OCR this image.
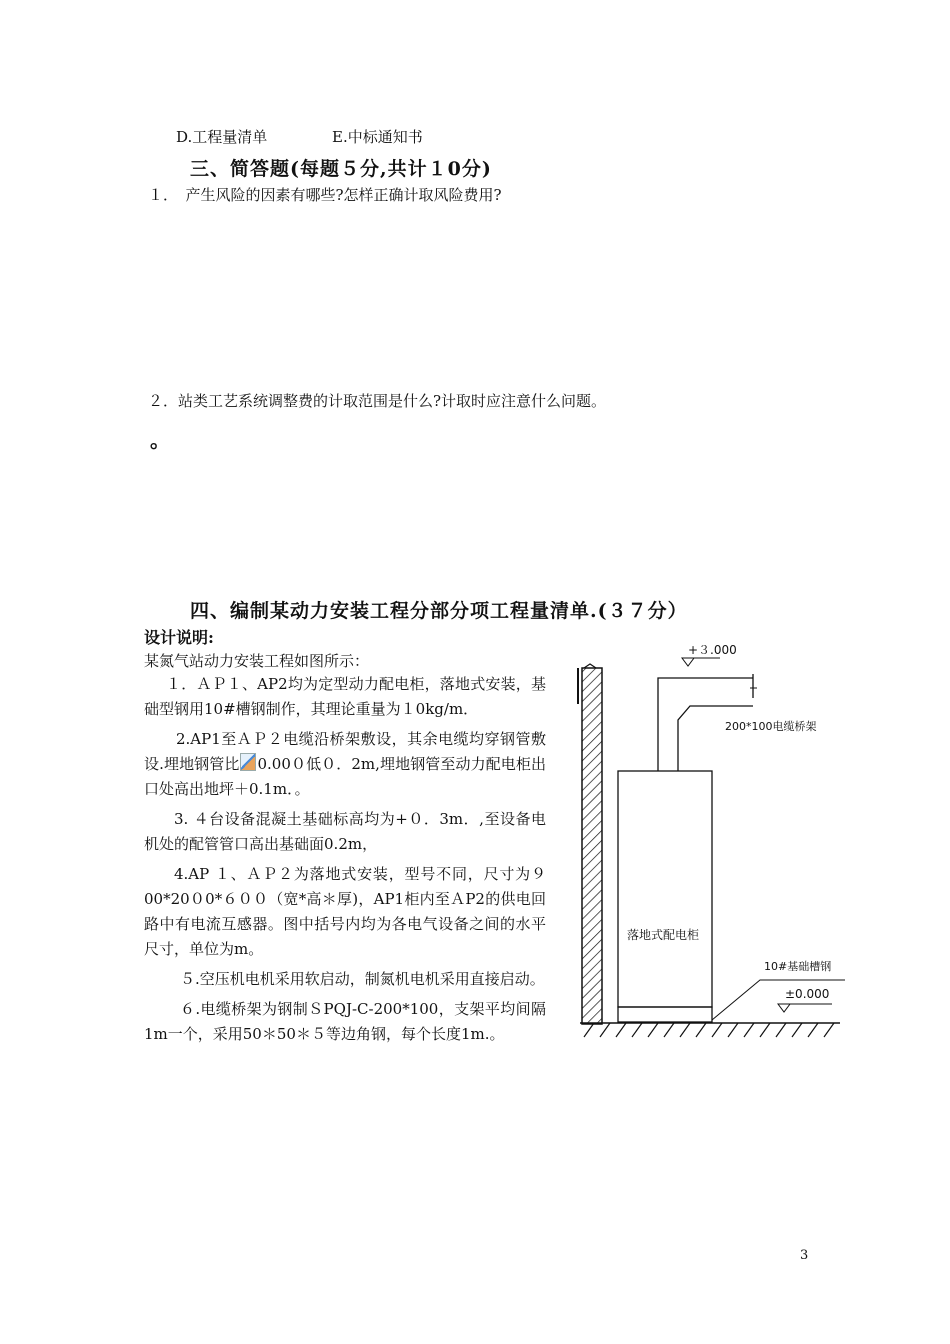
D.工程量清单	E.中标通知书
三、简答题(每题５分,共计１0分)
１．　产生风险的因素有哪些?怎样正确计取风险费用?
２．站类工艺系统调整费的计取范围是什么?计取时应注意什么问题。
。
四、编制某动力安装工程分部分项工程量清单.(３７分）
设计说明:
某氮气站动力安装工程如图所示：

１．ＡＰ１、AP2均为定型动力配电柜，落地式安装，基础型钢用10#槽钢制作，其理论重量为１0kg/m．

2.AP1至ＡＰ２电缆沿桥架敷设，其余电缆均穿钢管敷设.埋地钢管比 0.00０低０．2m,埋地钢管至动力配电柜出口处高出地坪＋0.1m．。

3. ４台设备混凝土基础标高均为+０．3m．,至设备电机处的配管管口高出基础面0.2m，

4.AP １、ＡＰ２为落地式安装，型号不同，尺寸为９00*20０0*６００（宽*高＊厚)，AP1柜内至ＡP2的供电回路中有电流互感器。图中括号内均为各电气设备之间的水平尺寸，单位为m。

５.空压机电机采用软启动，制氮机电机采用直接启动。

６.电缆桥架为钢制ＳPQJ-C-200*100，支架平均间隔1m一个，采用50＊50＊５等边角钢，每个长度1m.。

+３.000
200*100电缆桥架
落地式配电柜
10#基础槽钢
±0.000
3
